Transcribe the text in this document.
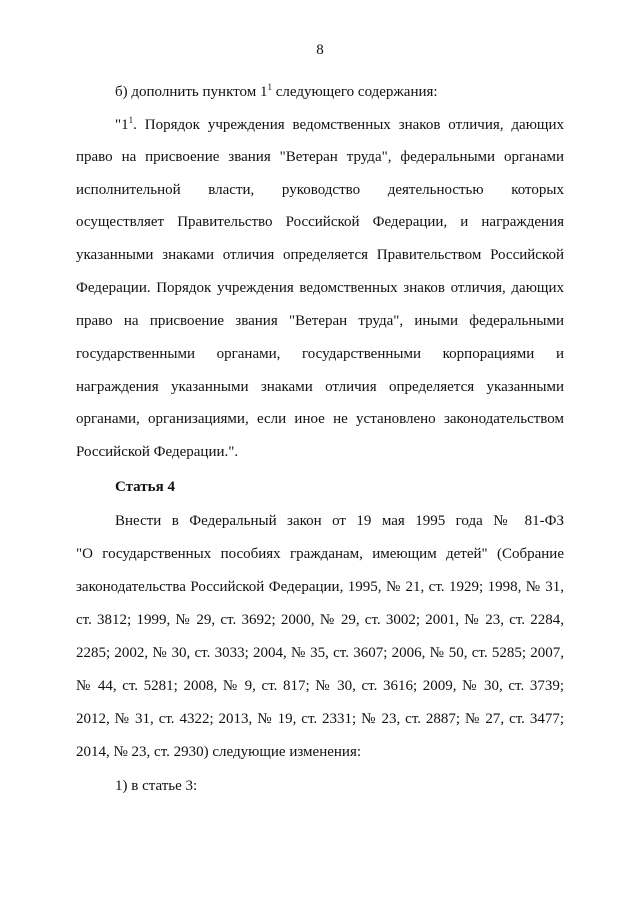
8
б) дополнить пунктом $1^1$ следующего содержания:
"$1^1$. Порядок учреждения ведомственных знаков отличия, дающих
право на присвоение звания "Ветеран труда", федеральными органами
исполнительной власти, руководство деятельностью которых
осуществляет Правительство Российской Федерации, и награждения
указанными знаками отличия определяется Правительством Российской
Федерации. Порядок учреждения ведомственных знаков отличия, дающих
право на присвоение звания "Ветеран труда", иными федеральными
государственными органами, государственными корпорациями и
награждения указанными знаками отличия определяется указанными
органами, организациями, если иное не установлено законодательством
Российской Федерации.".
Статья 4
Внести в Федеральный закон от 19 мая 1995 года № 81-ФЗ
"О государственных пособиях гражданам, имеющим детей" (Собрание
законодательства Российской Федерации, 1995, № 21, ст. 1929; 1998, № 31,
ст. 3812; 1999, № 29, ст. 3692; 2000, № 29, ст. 3002; 2001, № 23, ст. 2284,
2285; 2002, № 30, ст. 3033; 2004, № 35, ст. 3607; 2006, № 50, ст. 5285; 2007,
№ 44, ст. 5281; 2008, № 9, ст. 817; № 30, ст. 3616; 2009, № 30, ст. 3739;
2012, № 31, ст. 4322; 2013, № 19, ст. 2331; № 23, ст. 2887; № 27, ст. 3477;
2014, № 23, ст. 2930) следующие изменения:
1) в статье 3:
